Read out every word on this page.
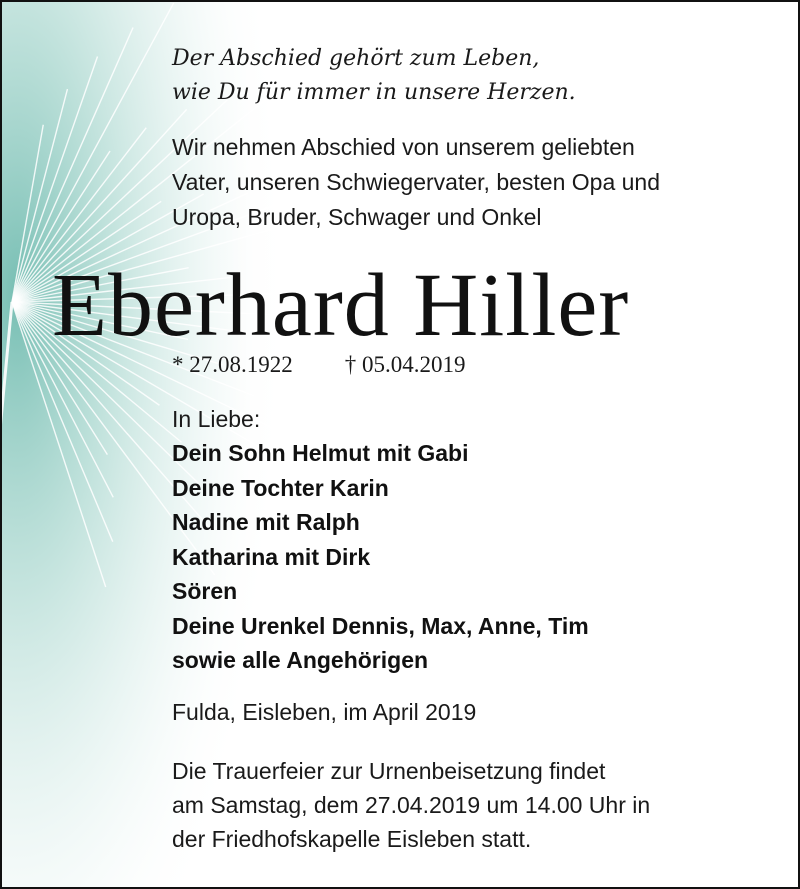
Der Abschied gehört zum Leben,
wie Du für immer in unsere Herzen.
Wir nehmen Abschied von unserem geliebten
Vater, unseren Schwiegervater, besten Opa und
Uropa, Bruder, Schwager und Onkel
In Liebe:
Dein Sohn Helmut mit Gabi
Deine Tochter Karin
Nadine mit Ralph
Katharina mit Dirk
Sören
Deine Urenkel Dennis, Max, Anne, Tim
sowie alle Angehörigen
Fulda, Eisleben, im April 2019
Die Trauerfeier zur Urnenbeisetzung findet
am Samstag, dem 27.04.2019 um 14.00 Uhr in
der Friedhofskapelle Eisleben statt.
Eberhard Hiller
* 27.08.1922 † 05.04.2019
